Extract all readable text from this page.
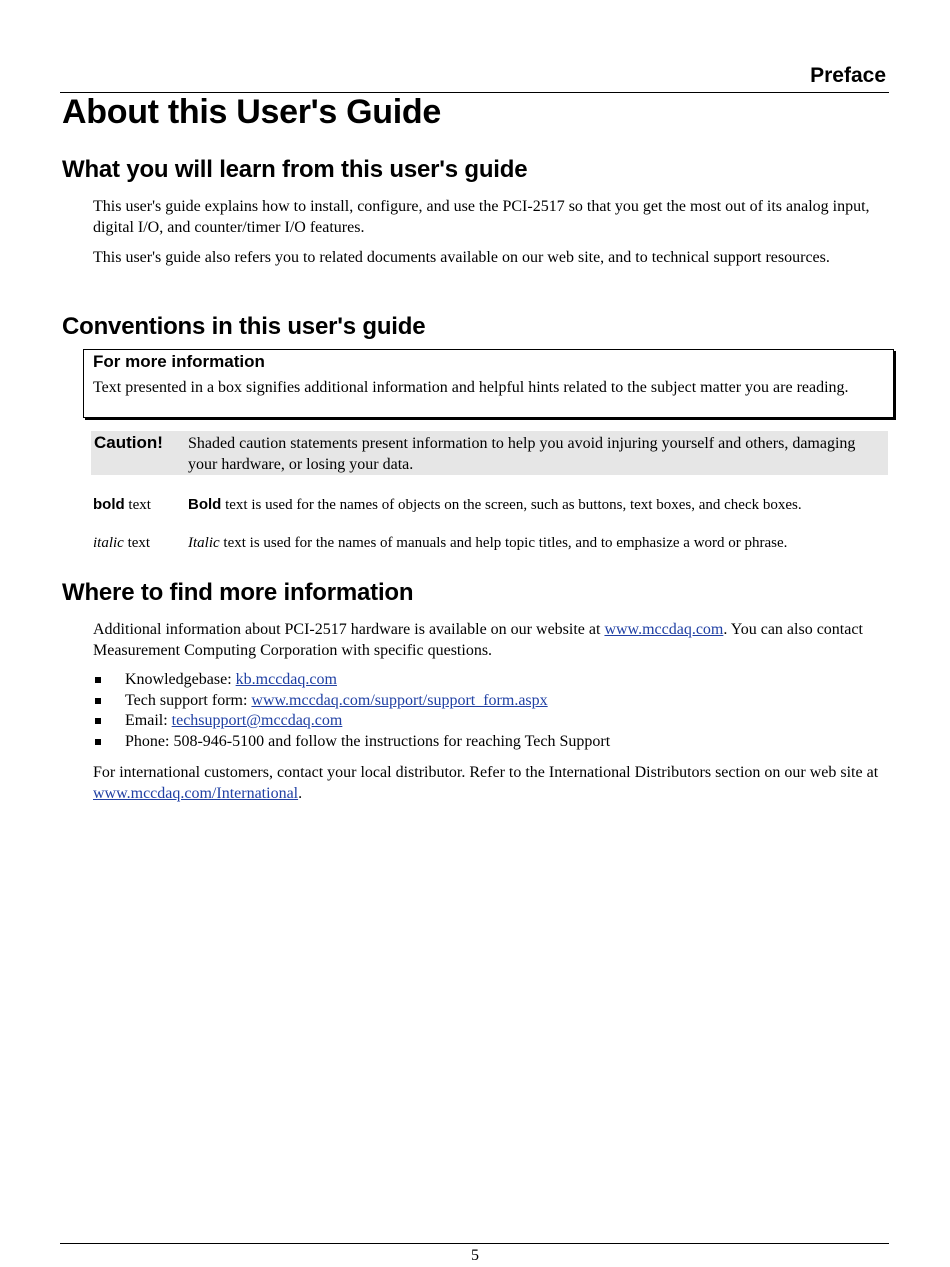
Preface
About this User's Guide
What you will learn from this user's guide

This user's guide explains how to install, configure, and use the PCI-2517 so that you get the most out of its analog input, digital I/O, and counter/timer I/O features.

This user's guide also refers you to related documents available on our web site, and to technical support resources.

Conventions in this user's guide
For more information
Text presented in a box signifies additional information and helpful hints related to the subject matter you are reading.
Caution! Shaded caution statements present information to help you avoid injuring yourself and others, damaging your hardware, or losing your data.
bold text Bold text is used for the names of objects on the screen, such as buttons, text boxes, and check boxes.
italic text	Italic text is used for the names of manuals and help topic titles, and to emphasize a word or phrase.
Where to find more information

Additional information about PCI-2517 hardware is available on our website at www.mccdaq.com. You can also contact Measurement Computing Corporation with specific questions.

Knowledgebase: kb.mccdaq.com
Tech support form: www.mccdaq.com/support/support_form.aspx
Email: techsupport@mccdaq.com
Phone: 508-946-5100 and follow the instructions for reaching Tech Support

For international customers, contact your local distributor. Refer to the International Distributors section on our web site at www.mccdaq.com/International.

5
